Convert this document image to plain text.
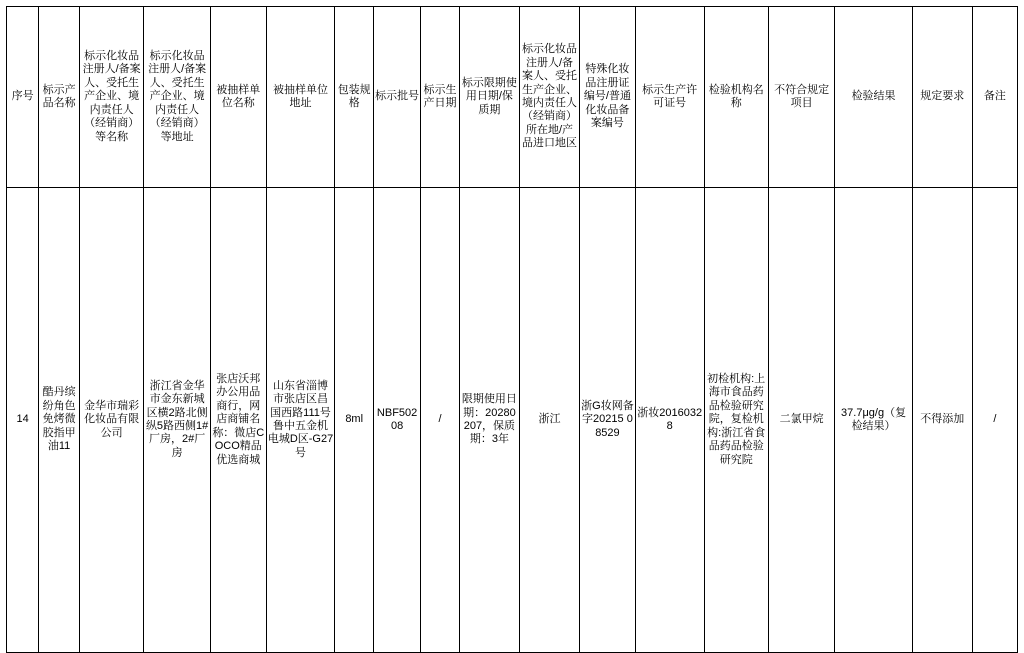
序号	标示产品名称	标示化妆品注册人/备案人、受托生产企业、境内责任人（经销商）等名称	标示化妆品注册人/备案人、受托生产企业、境内责任人（经销商）等地址	被抽样单位名称	被抽样单位地址	包装规格	标示批号	标示生产日期	标示限期使用日期/保质期	标示化妆品注册人/备案人、受托生产企业、境内责任人（经销商）所在地/产品进口地区	特殊化妆品注册证编号/普通化妆品备案编号	标示生产许可证号	检验机构名称	不符合规定项目	检验结果	规定要求	备注
14	酷丹缤纷角色免烤微胶指甲油11	金华市瑞彩化妆品有限公司	浙江省金华市金东新城区横2路北侧纵5路西侧1#厂房，2#厂房	张店沃邦办公用品商行，网店商铺名称：微店COCO精品优选商城	山东省淄博市张店区昌国西路111号鲁中五金机电城D区-G27号	8ml	NBF50208	/	限期使用日期：20280207，保质期：3年	浙江	浙G妆网备字20215 08529	浙妆20160328	初检机构:上海市食品药品检验研究院，复检机构:浙江省食品药品检验研究院	二氯甲烷	37.7μg/g（复检结果）	不得添加	/
